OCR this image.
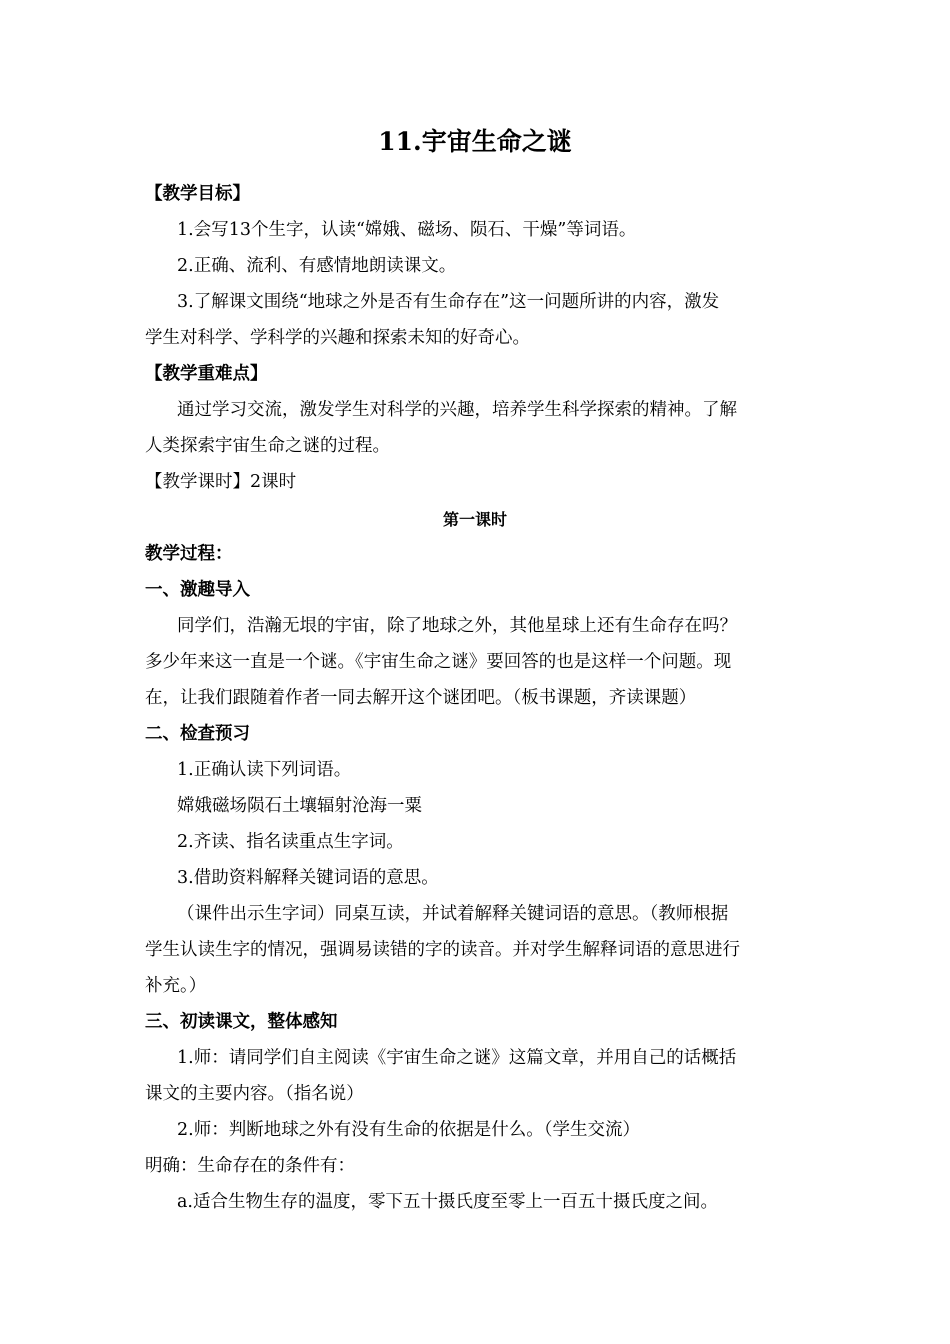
11.宇宙生命之谜
【教学目标】
1.会写13个生字，认读“嫦娥、磁场、陨石、干燥”等词语。
2.正确、流利、有感情地朗读课文。
3.了解课文围绕“地球之外是否有生命存在”这一问题所讲的内容，激发
学生对科学、学科学的兴趣和探索未知的好奇心。
【教学重难点】
通过学习交流，激发学生对科学的兴趣，培养学生科学探索的精神。了解
人类探索宇宙生命之谜的过程。
【教学课时】2课时
第一课时
教学过程：
一、激趣导入
同学们，浩瀚无垠的宇宙，除了地球之外，其他星球上还有生命存在吗？
多少年来这一直是一个谜。《宇宙生命之谜》要回答的也是这样一个问题。现
在，让我们跟随着作者一同去解开这个谜团吧。（板书课题，齐读课题）
二、检查预习
1.正确认读下列词语。
嫦娥磁场陨石土壤辐射沧海一粟
2.齐读、指名读重点生字词。
3.借助资料解释关键词语的意思。
（课件出示生字词）同桌互读，并试着解释关键词语的意思。（教师根据
学生认读生字的情况，强调易读错的字的读音。并对学生解释词语的意思进行
补充。）
三、初读课文，整体感知
1.师：请同学们自主阅读《宇宙生命之谜》这篇文章，并用自己的话概括
课文的主要内容。（指名说）
2.师：判断地球之外有没有生命的依据是什么。（学生交流）
明确：生命存在的条件有：
a.适合生物生存的温度，零下五十摄氏度至零上一百五十摄氏度之间。
